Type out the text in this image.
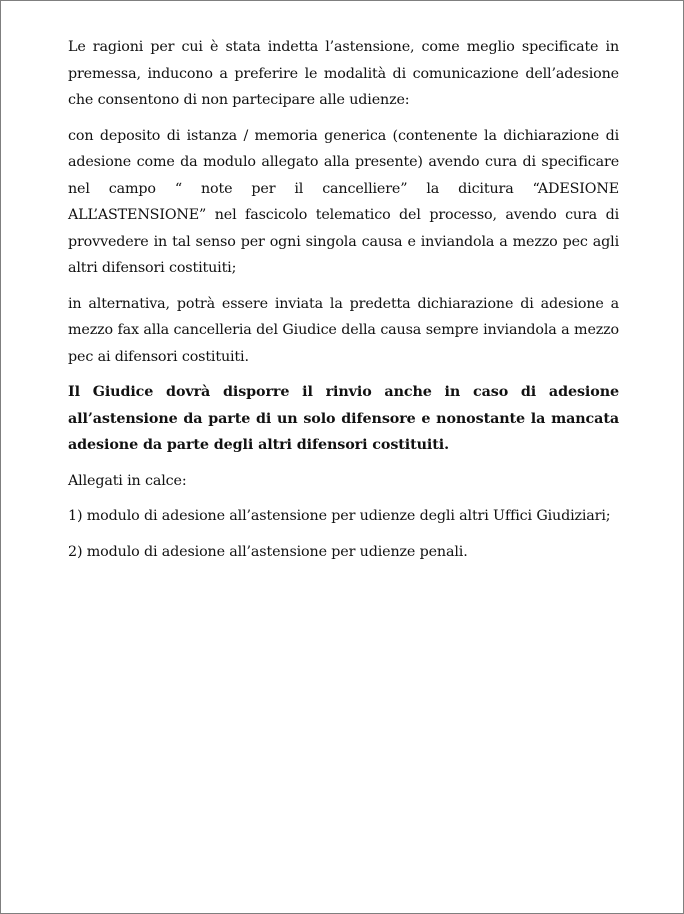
Le ragioni per cui è stata indetta l’astensione, come meglio specificate in premessa, inducono a preferire le modalità di comunicazione dell’adesione che consentono di non partecipare alle udienze:

con deposito di istanza / memoria generica (contenente la dichiarazione di adesione come da modulo allegato alla presente) avendo cura di specificare nel campo “ note per il cancelliere” la dicitura “ADESIONE ALL’ASTENSIONE” nel fascicolo telematico del processo, avendo cura di provvedere in tal senso per ogni singola causa e inviandola a mezzo pec agli altri difensori costituiti;

in alternativa, potrà essere inviata la predetta dichiarazione di adesione a mezzo fax alla cancelleria del Giudice della causa sempre inviandola a mezzo pec ai difensori costituiti.

Il Giudice dovrà disporre il rinvio anche in caso di adesione all’astensione da parte di un solo difensore e nonostante la mancata adesione da parte degli altri difensori costituiti.

Allegati in calce:

1) modulo di adesione all’astensione per udienze degli altri Uffici Giudiziari;

2) modulo di adesione all’astensione per udienze penali.
